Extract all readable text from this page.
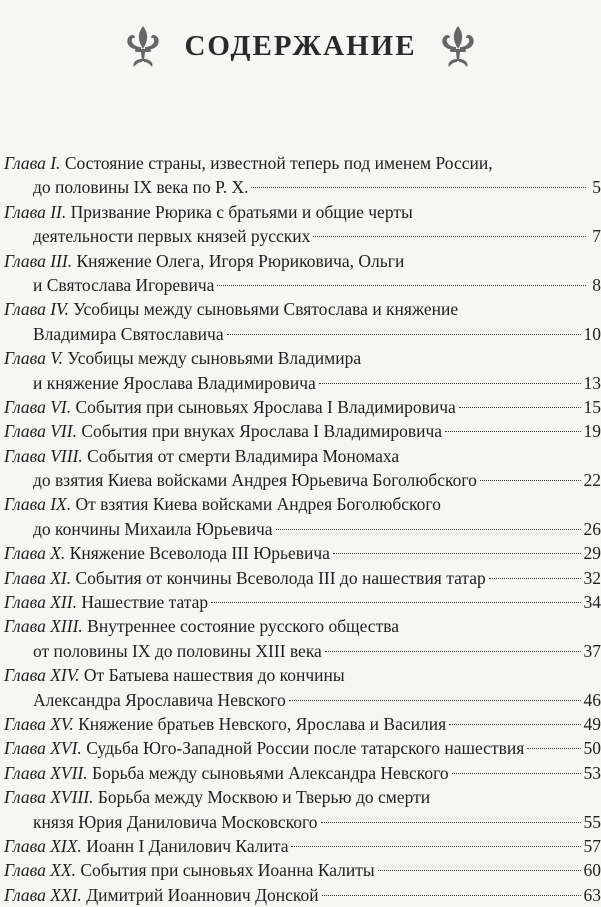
СОДЕРЖАНИЕ
Глава I. Состояние страны, известной теперь под именем России,
до половины IX века по Р. Х.	5
Глава II. Призвание Рюрика с братьями и общие черты
деятельности первых князей русских	7
Глава III. Княжение Олега, Игоря Рюриковича, Ольги
и Святослава Игоревича	8
Глава IV. Усобицы между сыновьями Святослава и княжение
Владимира Святославича	10
Глава V. Усобицы между сыновьями Владимира
и княжение Ярослава Владимировича	13
Глава VI. События при сыновьях Ярослава I Владимировича	15
Глава VII. События при внуках Ярослава I Владимировича	19
Глава VIII. События от смерти Владимира Мономаха
до взятия Киева войсками Андрея Юрьевича Боголюбского	22
Глава IX. От взятия Киева войсками Андрея Боголюбского
до кончины Михаила Юрьевича	26
Глава X. Княжение Всеволода III Юрьевича	29
Глава XI. События от кончины Всеволода III до нашествия татар	32
Глава XII. Нашествие татар	34
Глава XIII. Внутреннее состояние русского общества
от половины IX до половины XIII века	37
Глава XIV. От Батыева нашествия до кончины
Александра Ярославича Невского	46
Глава XV. Княжение братьев Невского, Ярослава и Василия	49
Глава XVI. Судьба Юго-Западной России после татарского нашествия	50
Глава XVII. Борьба между сыновьями Александра Невского	53
Глава XVIII. Борьба между Москвою и Тверью до смерти
князя Юрия Даниловича Московского	55
Глава XIX. Иоанн I Данилович Калита	57
Глава XX. События при сыновьях Иоанна Калиты	60
Глава XXI. Димитрий Иоаннович Донской	63
